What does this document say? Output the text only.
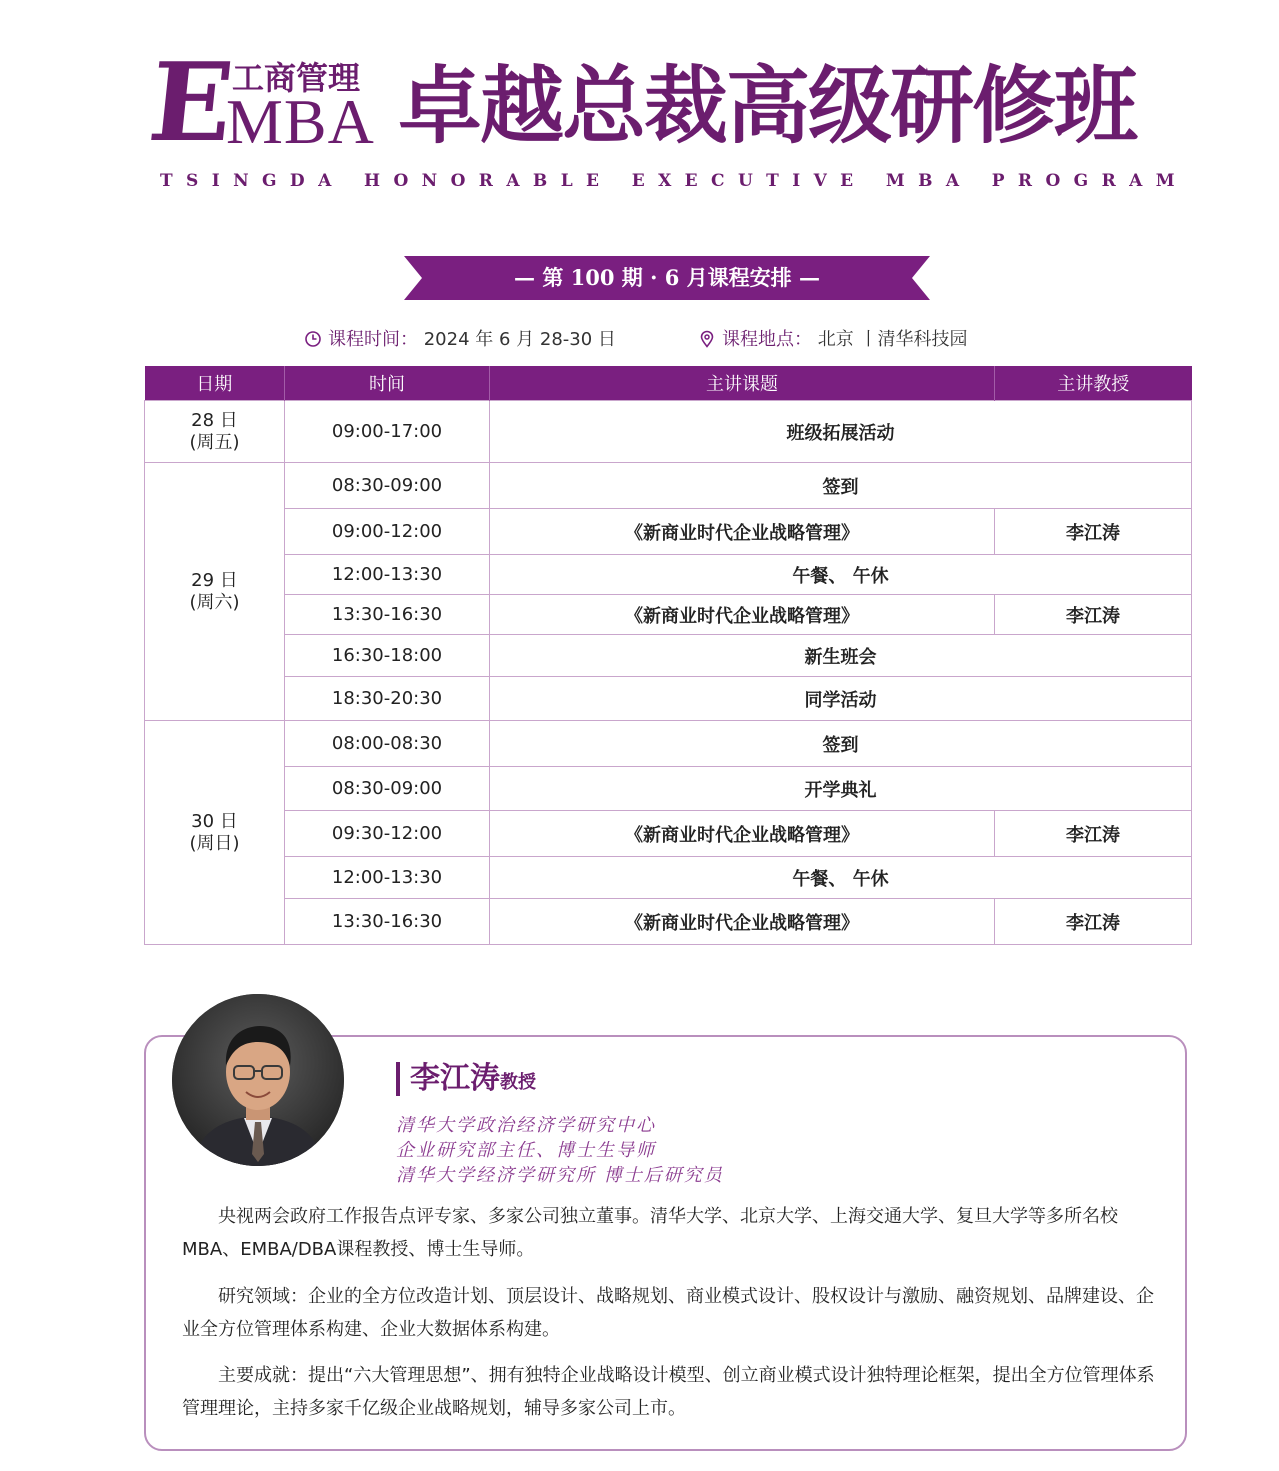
E
工商管理
MBA 卓越总裁高级研修班
TSINGDA HONORABLE EXECUTIVE MBA PROGRAM
— 第 100 期 · 6 月课程安排 —
课程时间： 2024 年 6 月 28-30 日	课程地点： 北京 丨清华科技园
日期	时间	主讲课题	主讲教授

28 日
(周五)	09:00-17:00	班级拓展活动	

29 日
(周六)	08:30-09:00	签到	
	09:00-12:00	《新商业时代企业战略管理》	李江涛
	12:00-13:30	午餐、 午休	
	13:30-16:30	《新商业时代企业战略管理》	李江涛
	16:30-18:00	新生班会	
	18:30-20:30	同学活动	

30 日
(周日)	08:00-08:30	签到	
	08:30-09:00	开学典礼	
	09:30-12:00	《新商业时代企业战略管理》	李江涛
	12:00-13:30	午餐、 午休	
	13:30-16:30	《新商业时代企业战略管理》	李江涛
李江涛教授
清华大学政治经济学研究中心
企业研究部主任、博士生导师
清华大学经济学研究所 博士后研究员

央视两会政府工作报告点评专家、多家公司独立董事。清华大学、北京大学、上海交通大学、复旦大学等多所名校MBA、EMBA/DBA课程教授、博士生导师。

研究领域：企业的全方位改造计划、顶层设计、战略规划、商业模式设计、股权设计与激励、融资规划、品牌建设、企业全方位管理体系构建、企业大数据体系构建。

主要成就：提出“六大管理思想”、拥有独特企业战略设计模型、创立商业模式设计独特理论框架，提出全方位管理体系管理理论，主持多家千亿级企业战略规划，辅导多家公司上市。
